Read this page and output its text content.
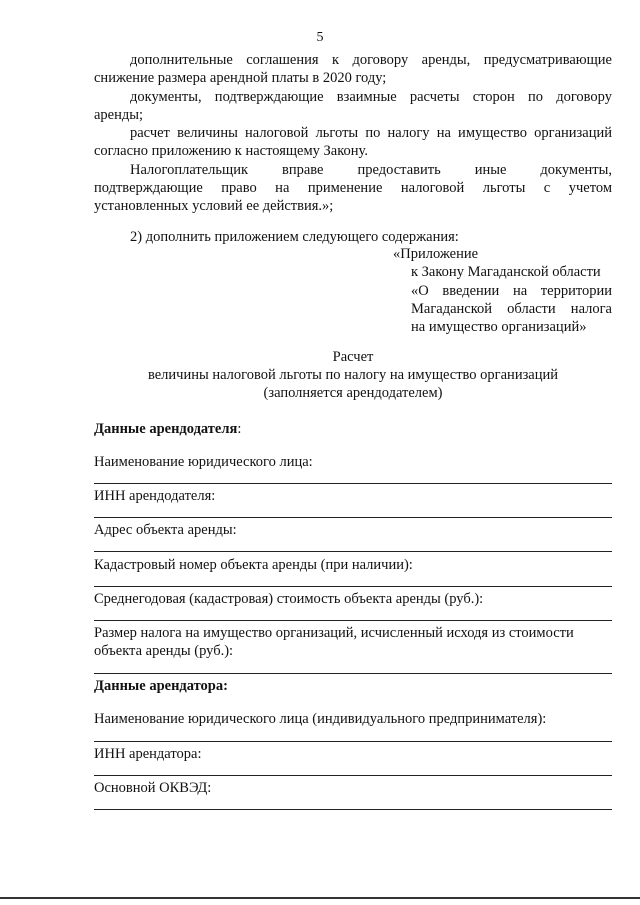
5
дополнительные соглашения к договору аренды, предусматривающие
снижение размера арендной платы в 2020 году;
документы, подтверждающие взаимные расчеты сторон по договору
аренды;
расчет величины налоговой льготы по налогу на имущество организаций
согласно приложению к настоящему Закону.
Налогоплательщик вправе предоставить иные документы,
подтверждающие право на применение налоговой льготы с учетом
установленных условий ее действия.»;
2) дополнить приложением следующего содержания:
«Приложение
к Закону Магаданской области
«О введении на территории
Магаданской области налога
на имущество организаций»
Расчет
величины налоговой льготы по налогу на имущество организаций
(заполняется арендодателем)
Данные арендодателя:
Наименование юридического лица:
ИНН арендодателя:
Адрес объекта аренды:
Кадастровый номер объекта аренды (при наличии):
Среднегодовая (кадастровая) стоимость объекта аренды (руб.):
Размер налога на имущество организаций, исчисленный исходя из стоимости
объекта аренды (руб.):
Данные арендатора:
Наименование юридического лица (индивидуального предпринимателя):
ИНН арендатора:
Основной ОКВЭД:
